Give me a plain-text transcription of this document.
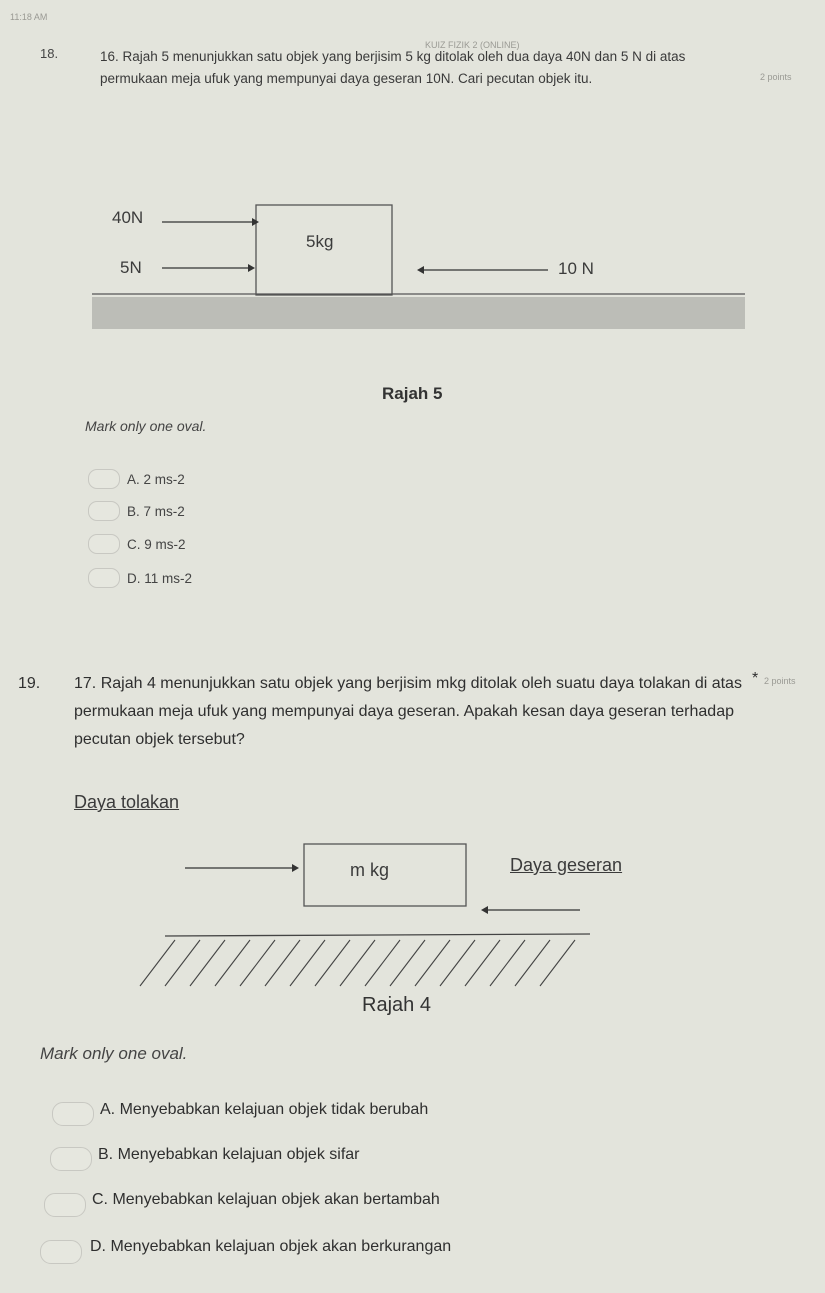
11:18 AM
KUIZ FIZIK 2 (ONLINE)
18.	16. Rajah 5 menunjukkan satu objek yang berjisim 5 kg ditolak oleh dua daya 40N dan 5 N di atas permukaan meja ufuk yang mempunyai daya geseran 10N. Cari pecutan objek itu.	2 points
40N
5N
5kg
10 N
Rajah 5
Mark only one oval.
A. 2 ms-2
B. 7 ms-2
C. 9 ms-2
D. 11 ms-2
19. 17. Rajah 4 menunjukkan satu objek yang berjisim mkg ditolak oleh suatu daya tolakan di atas permukaan meja ufuk yang mempunyai daya geseran. Apakah kesan daya geseran terhadap pecutan objek tersebut?
* 2 points
Daya tolakan
m kg	Daya geseran
Rajah 4
Mark only one oval.
A. Menyebabkan kelajuan objek tidak berubah
B. Menyebabkan kelajuan objek sifar
C. Menyebabkan kelajuan objek akan bertambah
D. Menyebabkan kelajuan objek akan berkurangan
